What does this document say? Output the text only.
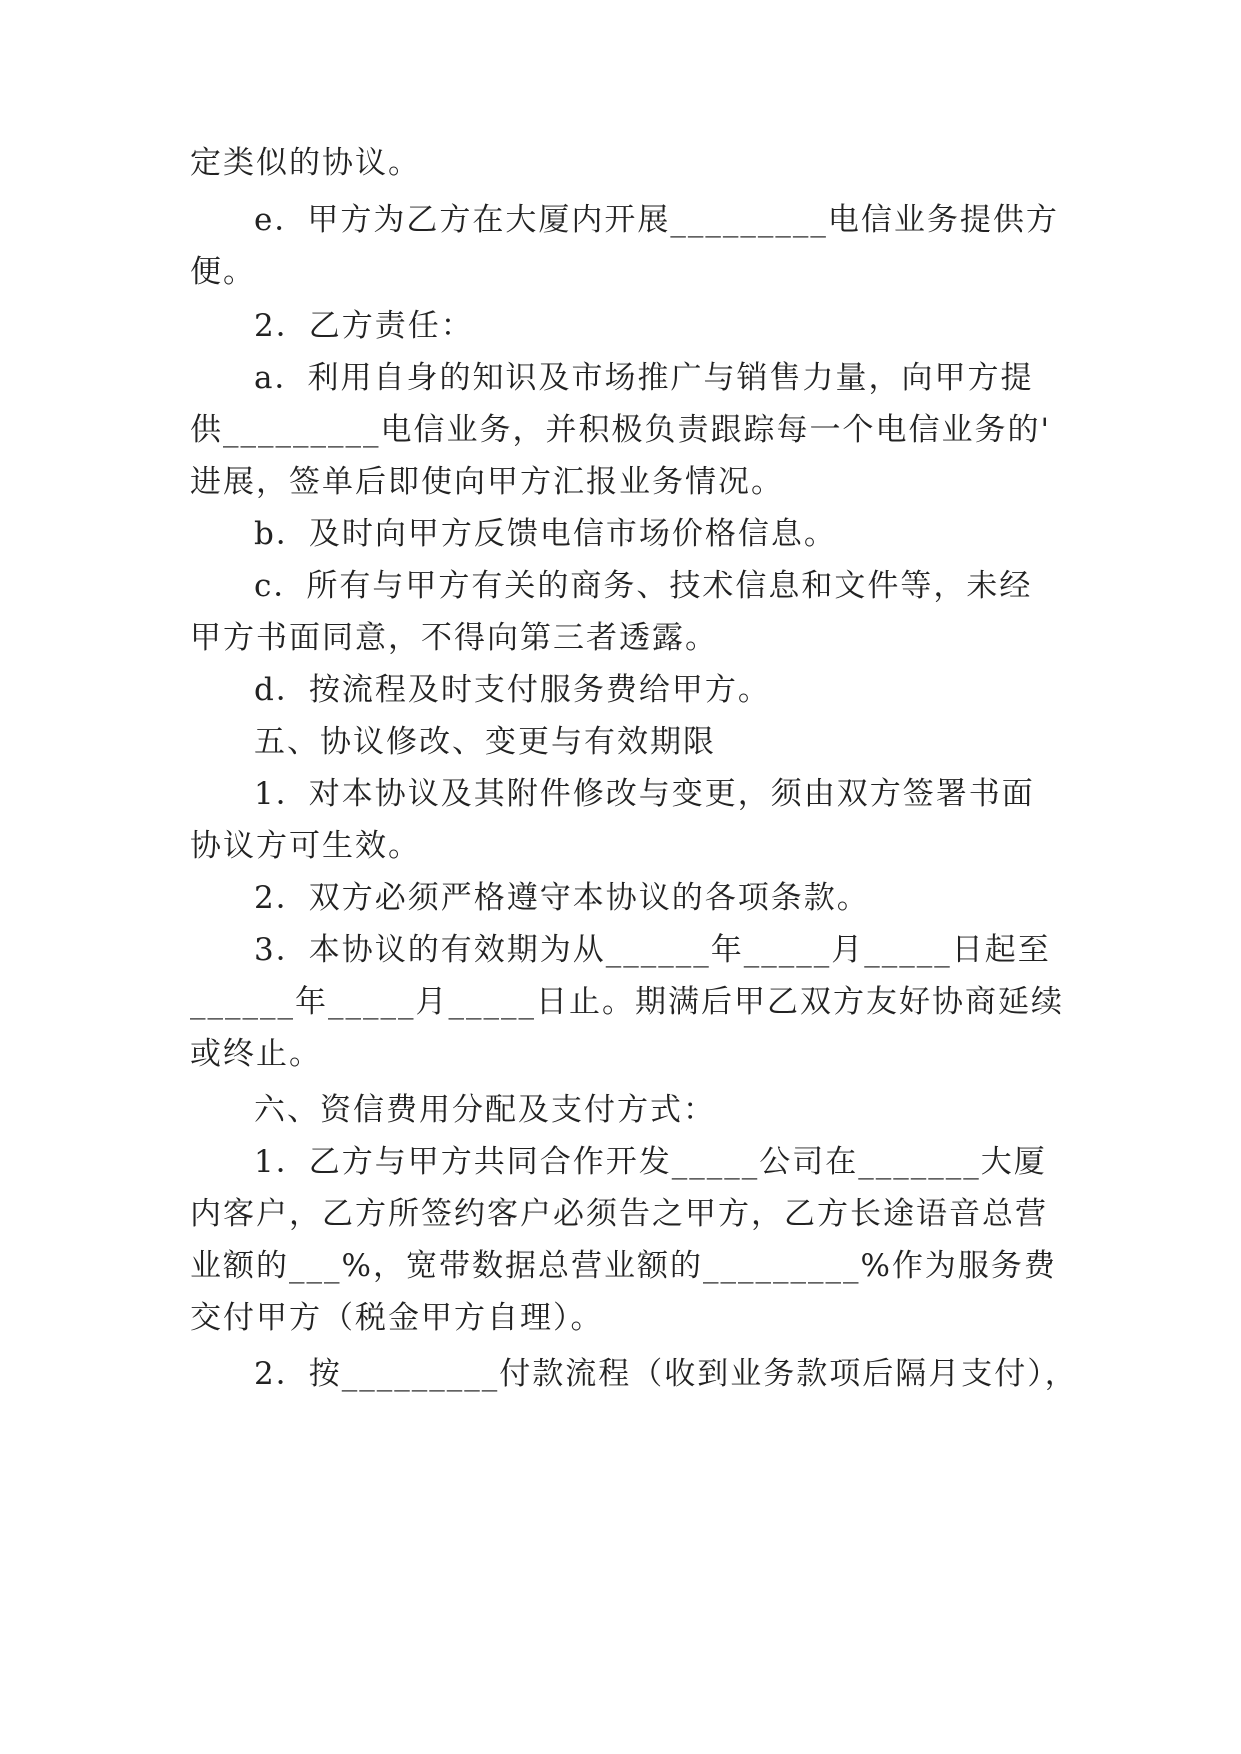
定类似的协议。
e．甲方为乙方在大厦内开展_________电信业务提供方
便。
2．乙方责任：
a．利用自身的知识及市场推广与销售力量，向甲方提
供_________电信业务，并积极负责跟踪每一个电信业务的'
进展，签单后即使向甲方汇报业务情况。
b．及时向甲方反馈电信市场价格信息。
c．所有与甲方有关的商务、技术信息和文件等，未经
甲方书面同意，不得向第三者透露。
d．按流程及时支付服务费给甲方。
五、协议修改、变更与有效期限
1．对本协议及其附件修改与变更，须由双方签署书面
协议方可生效。
2．双方必须严格遵守本协议的各项条款。
3．本协议的有效期为从______年_____月_____日起至
______年_____月_____日止。期满后甲乙双方友好协商延续
或终止。
六、资信费用分配及支付方式：
1．乙方与甲方共同合作开发_____公司在_______大厦
内客户，乙方所签约客户必须告之甲方，乙方长途语音总营
业额的___%，宽带数据总营业额的_________%作为服务费
交付甲方（税金甲方自理）。
2．按_________付款流程（收到业务款项后隔月支付），
